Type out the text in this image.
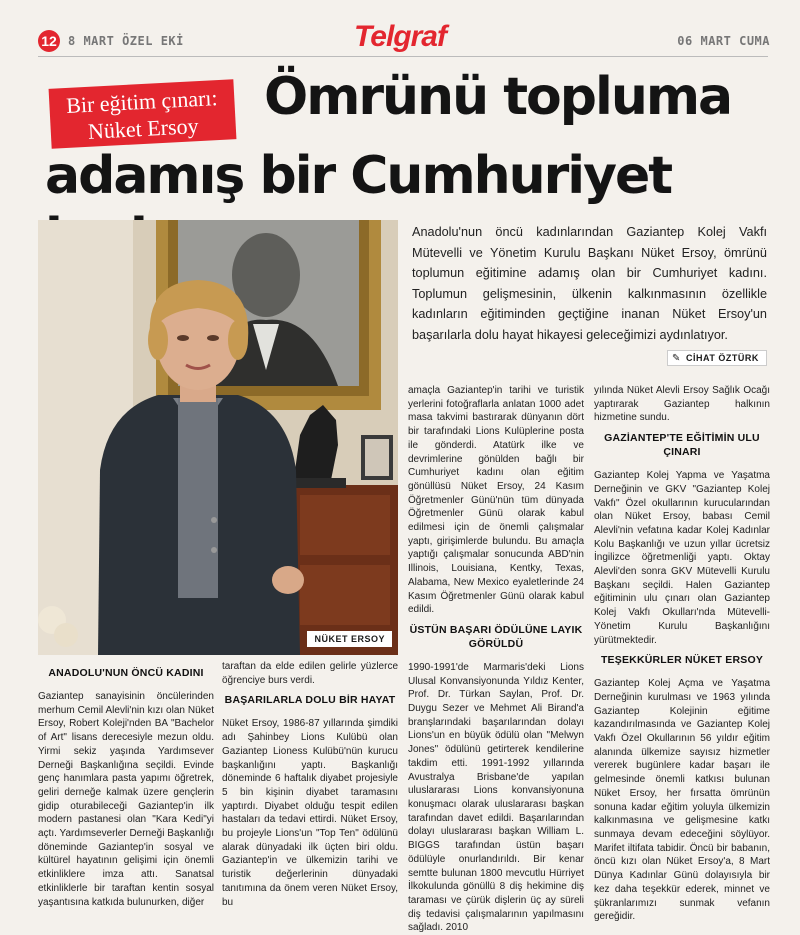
12 8 MART ÖZEL EKİ	Telgraf	06 MART CUMA
Bir eğitim çınarı:
Nüket Ersoy
Ömrünü topluma
adamış bir Cumhuriyet
NÜKET ERSOY
Anadolu'nun öncü kadınlarından Gaziantep Kolej Vakfı Mütevelli ve Yönetim Kurulu Başkanı Nüket Ersoy, ömrünü toplumun eğitimine adamış olan bir Cumhuriyet kadını. Toplumun gelişmesinin, ülkenin kalkınmasının özellikle kadınların eğitiminden geçtiğine inanan Nüket Ersoy'un başarılarla dolu hayat hikayesi geleceğimizi aydınlatıyor.
✎ CİHAT ÖZTÜRK
ANADOLU'NUN ÖNCÜ KADINI

Gaziantep sanayisinin öncülerinden merhum Cemil Alevli'nin kızı olan Nüket Ersoy, Robert Koleji'nden BA "Bachelor of Art" lisans derecesiyle mezun oldu. Yirmi sekiz yaşında Yardımsever Derneği Başkanlığına seçildi. Evinde genç hanımlara pasta yapımı öğretrek, geliri derneğe kalmak üzere gençlerin gidip oturabileceği Gaziantep'in ilk modern pastanesi olan "Kara Kedi"yi açtı. Yardımseverler Derneği Başkanlığı döneminde Gaziantep'in sosyal ve kültürel hayatının gelişimi için önemli etkinliklere imza attı. Sanatsal etkinliklerle bir taraftan kentin sosyal yaşantısına katkıda bulunurken, diğer

taraftan da elde edilen gelirle yüzlerce öğrenciye burs verdi.

BAŞARILARLA DOLU BİR HAYAT

Nüket Ersoy, 1986-87 yıllarında şimdiki adı Şahinbey Lions Kulübü olan Gaziantep Lioness Kulübü'nün kurucu başkanlığını yaptı. Başkanlığı döneminde 6 haftalık diyabet projesiyle 5 bin kişinin diyabet taramasını yaptırdı. Diyabet olduğu tespit edilen hastaları da tedavi ettirdi. Nüket Ersoy, bu projeyle Lions'un "Top Ten" ödülünü alarak dünyadaki ilk üçten biri oldu. Gaziantep'in ve ülkemizin tarihi ve turistik değerlerinin dünyadaki tanıtımına da önem veren Nüket Ersoy, bu

amaçla Gaziantep'in tarihi ve turistik yerlerini fotoğraflarla anlatan 1000 adet masa takvimi bastırarak dünyanın dört bir tarafındaki Lions Kulüplerine posta ile gönderdi. Atatürk ilke ve devrimlerine gönülden bağlı bir Cumhuriyet kadını olan eğitim gönüllüsü Nüket Ersoy, 24 Kasım Öğretmenler Günü'nün tüm dünyada Öğretmenler Günü olarak kabul edilmesi için de önemli çalışmalar yaptı, girişimlerde bulundu. Bu amaçla yaptığı çalışmalar sonucunda ABD'nin Illinois, Louisiana, Kentky, Texas, Alabama, New Mexico eyaletlerinde 24 Kasım Öğretmenler Günü olarak kabul edildi.

ÜSTÜN BAŞARI ÖDÜLÜNE LAYIK GÖRÜLDÜ

1990-1991'de Marmaris'deki Lions Ulusal Konvansiyonunda Yıldız Kenter, Prof. Dr. Türkan Saylan, Prof. Dr. Duygu Sezer ve Mehmet Ali Birand'a branşlarındaki başarılarından dolayı Lions'un en büyük ödülü olan "Melwyn Jones" ödülünü getirterek kendilerine takdim etti. 1991-1992 yıllarında Avustralya Brisbane'de yapılan uluslararası Lions konvansiyonuna konuşmacı olarak uluslararası başkan tarafından davet edildi. Başarılarından dolayı uluslararası başkan William L. BIGGS tarafından üstün başarı ödülüyle onurlandırıldı. Bir kenar semtte bulunan 1800 mevcutlu Hürriyet İlkokulunda gönüllü 8 diş hekimine diş taraması ve çürük dişlerin üç ay süreli diş tedavisi çalışmalarının yapılmasını sağladı. 2010

yılında Nüket Alevli Ersoy Sağlık Ocağı yaptırarak Gaziantep halkının hizmetine sundu.

GAZİANTEP'TE EĞİTİMİN ULU ÇINARI

Gaziantep Kolej Yapma ve Yaşatma Derneğinin ve GKV "Gaziantep Kolej Vakfı" Özel okullarının kurucularından olan Nüket Ersoy, babası Cemil Alevli'nin vefatına kadar Kolej Kadınlar Kolu Başkanlığı ve uzun yıllar ücretsiz İngilizce öğretmenliği yaptı. Oktay Alevli'den sonra GKV Mütevelli Kurulu Başkanı seçildi. Halen Gaziantep eğitiminin ulu çınarı olan Gaziantep Kolej Vakfı Okulları'nda Mütevelli-Yönetim Kurulu Başkanlığını yürütmektedir.

TEŞEKKÜRLER NÜKET ERSOY

Gaziantep Kolej Açma ve Yaşatma Derneğinin kurulması ve 1963 yılında Gaziantep Kolejinin eğitime kazandırılmasında ve Gaziantep Kolej Vakfı Özel Okullarının 56 yıldır eğitim alanında ülkemize sayısız hizmetler vererek bugünlere kadar başarı ile gelmesinde önemli katkısı bulunan Nüket Ersoy, her fırsatta ömrünün sonuna kadar eğitim yoluyla ülkemizin kalkınmasına ve gelişmesine katkı sunmaya devam edeceğini söylüyor. Marifet iltifata tabidir. Öncü bir babanın, öncü kızı olan Nüket Ersoy'a, 8 Mart Dünya Kadınlar Günü dolayısıyla bir kez daha teşekkür ederek, minnet ve şükranlarımızı sunmak vefanın gereğidir.
